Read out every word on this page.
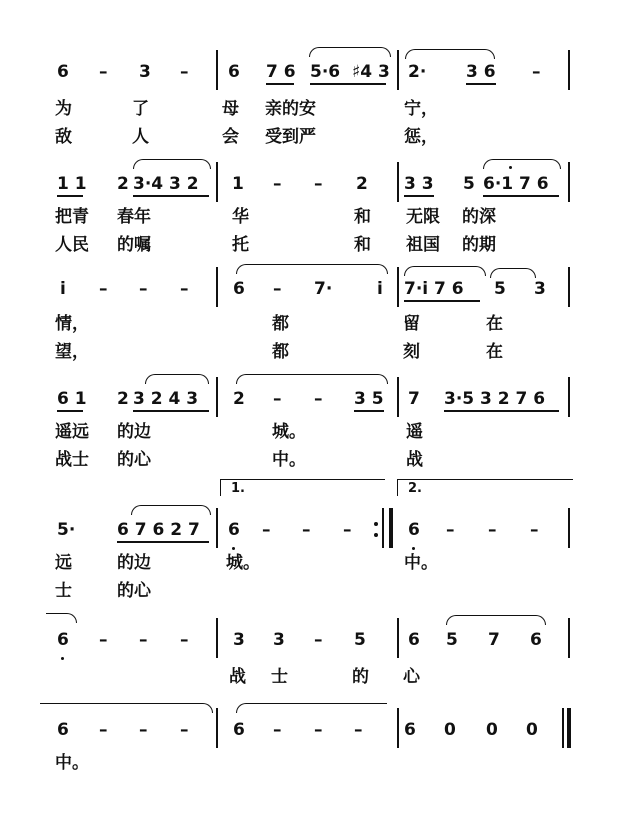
6 – 3 – 6 7 6 5·6 ♯4 3 2· 3 6 –
为	了	母 亲的安	宁，
敌	人	会 受到严	惩，
1 1 2 3·4 3 2 1 – – 2 3 3 5 6·1 7 6
把青 春年	华	和 无限 的深
人民 的嘱	托	和 祖国 的期
i – – –	6 – 7·	i 7·i 7 6 5 3
情，	都	留	在
望，	都	刻	在
6 1 2 3 2 4 3 2 – – 3 5 7 3·5 3 2 7 6
遥远 的边	城。	遥
战士 的心	中。	战
1.	2.
5· 6 7 6 2 7 6 – – –	6 – – –
远	的边	城。	中。
士	的心
6 – – –	3 3 – 5 6 5 7 6
战 士	的 心
6 – – –	6 – – – 6 0 0 0
中。
